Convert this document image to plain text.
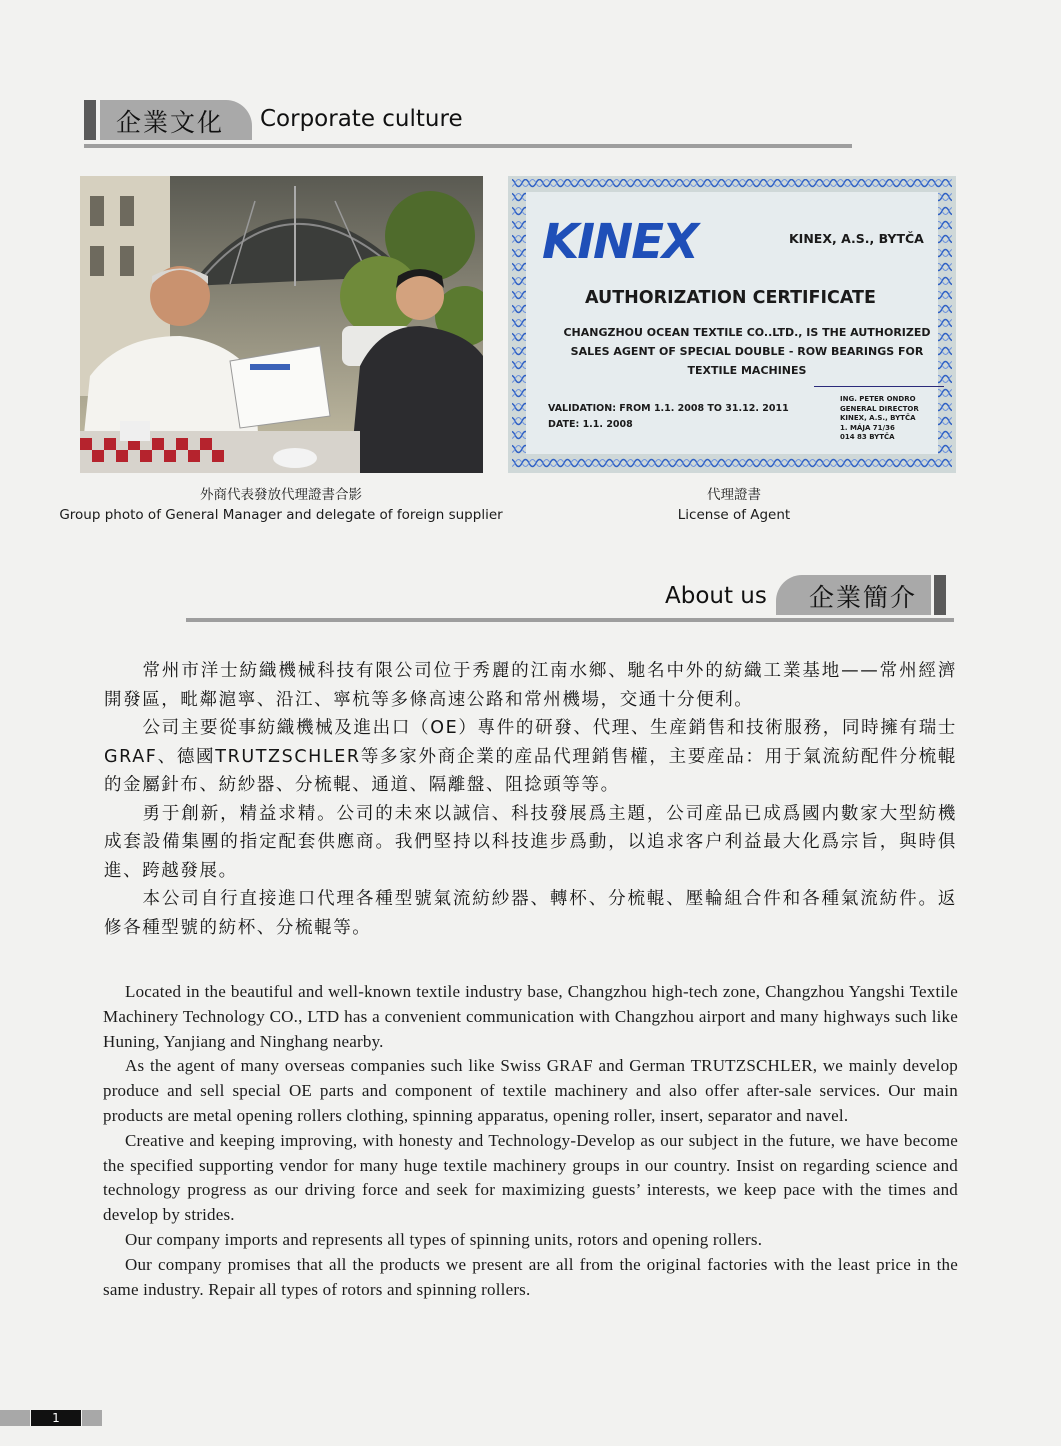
企業文化 Corporate culture
外商代表發放代理證書合影
Group photo of General Manager and delegate of foreign supplier
KINEX	KINEX, A.S., BYTČA
AUTHORIZATION CERTIFICATE
CHANGZHOU OCEAN TEXTILE CO..LTD., IS THE AUTHORIZED
SALES AGENT OF SPECIAL DOUBLE - ROW BEARINGS FOR
TEXTILE MACHINES
VALIDATION: FROM 1.1. 2008 TO 31.12. 2011
DATE: 1.1. 2008
ING. PETER ONDRO
GENERAL DIRECTOR
KINEX, A.S., BYTČA
1. MÁJA 71/36
014 83 BYTČA
代理證書
License of Agent
About us 企業簡介

常州市洋士紡織機械科技有限公司位于秀麗的江南水鄉、馳名中外的紡織工業基地——常州經濟開發區，毗鄰滬寧、沿江、寧杭等多條高速公路和常州機場，交通十分便利。

公司主要從事紡織機械及進出口（OE）專件的研發、代理、生産銷售和技術服務，同時擁有瑞士GRAF、德國TRUTZSCHLER等多家外商企業的産品代理銷售權，主要産品：用于氣流紡配件分梳輥的金屬針布、紡紗器、分梳輥、通道、隔離盤、阻捻頭等等。

勇于創新，精益求精。公司的未來以誠信、科技發展爲主題，公司産品已成爲國内數家大型紡機成套設備集團的指定配套供應商。我們堅持以科技進步爲動，以追求客户利益最大化爲宗旨，與時俱進、跨越發展。

本公司自行直接進口代理各種型號氣流紡紗器、轉杯、分梳輥、壓輪組合件和各種氣流紡件。返修各種型號的紡杯、分梳輥等。

Located in the beautiful and well-known textile industry base, Changzhou high-tech zone, Changzhou Yangshi Textile Machinery Technology CO., LTD has a convenient communication with Changzhou airport and many highways such like Huning, Yanjiang and Ninghang nearby.

As the agent of many overseas companies such like Swiss GRAF and German TRUTZSCHLER, we mainly develop produce and sell special OE parts and component of textile machinery and also offer after-sale services. Our main products are metal opening rollers clothing, spinning apparatus, opening roller, insert, separator and navel.

Creative and keeping improving, with honesty and Technology-Develop as our subject in the future, we have become the specified supporting vendor for many huge textile machinery groups in our country. Insist on regarding science and technology progress as our driving force and seek for maximizing guests’ interests, we keep pace with the times and develop by strides.

Our company imports and represents all types of spinning units, rotors and opening rollers.

Our company promises that all the products we present are all from the original factories with the least price in the same industry. Repair all types of rotors and spinning rollers.

1
